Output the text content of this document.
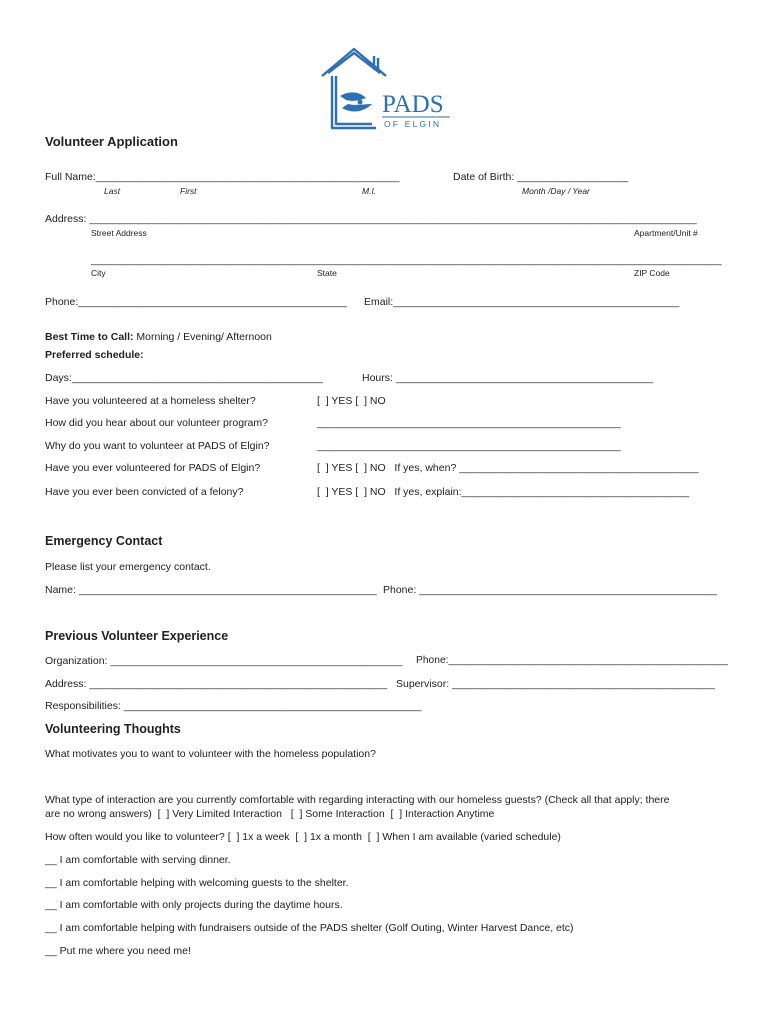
PADS
OF ELGIN
Volunteer Application
Full Name:____________________________________________________
Last	First	M.I.
Date of Birth: ___________________
Month /Day / Year
Address: ________________________________________________________________________________________________________
Street Address	Apartment/Unit #
____________________________________________________________________________________________________________
City	State	ZIP Code
Phone:______________________________________________ Email:_________________________________________________
Best Time to Call: Morning / Evening/ Afternoon
Preferred schedule:
Days:___________________________________________	Hours: ____________________________________________
Have you volunteered at a homeless shelter?	[  ] YES [  ] NO
How did you hear about our volunteer program?	____________________________________________________
Why do you want to volunteer at PADS of Elgin?	____________________________________________________
Have you ever volunteered for PADS of Elgin?	[  ] YES [  ] NO   If yes, when? _________________________________________
Have you ever been convicted of a felony?	[  ] YES [  ] NO   If yes, explain:_______________________________________
Emergency Contact
Please list your emergency contact.
Name: ___________________________________________________ Phone: ___________________________________________________
Previous Volunteer Experience
Organization: __________________________________________________ Phone:_________________________________________________
Address: ___________________________________________________ Supervisor: _____________________________________________
Responsibilities: ___________________________________________________
Volunteering Thoughts
What motivates you to want to volunteer with the homeless population?
What type of interaction are you currently comfortable with regarding interacting with our homeless guests? (Check all that apply; there
are no wrong answers)  [  ] Very Limited Interaction   [  ] Some Interaction  [  ] Interaction Anytime
How often would you like to volunteer? [  ] 1x a week  [  ] 1x a month  [  ] When I am available (varied schedule)
__ I am comfortable with serving dinner.
__ I am comfortable helping with welcoming guests to the shelter.
__ I am comfortable with only projects during the daytime hours.
__ I am comfortable helping with fundraisers outside of the PADS shelter (Golf Outing, Winter Harvest Dance, etc)
__ Put me where you need me!
